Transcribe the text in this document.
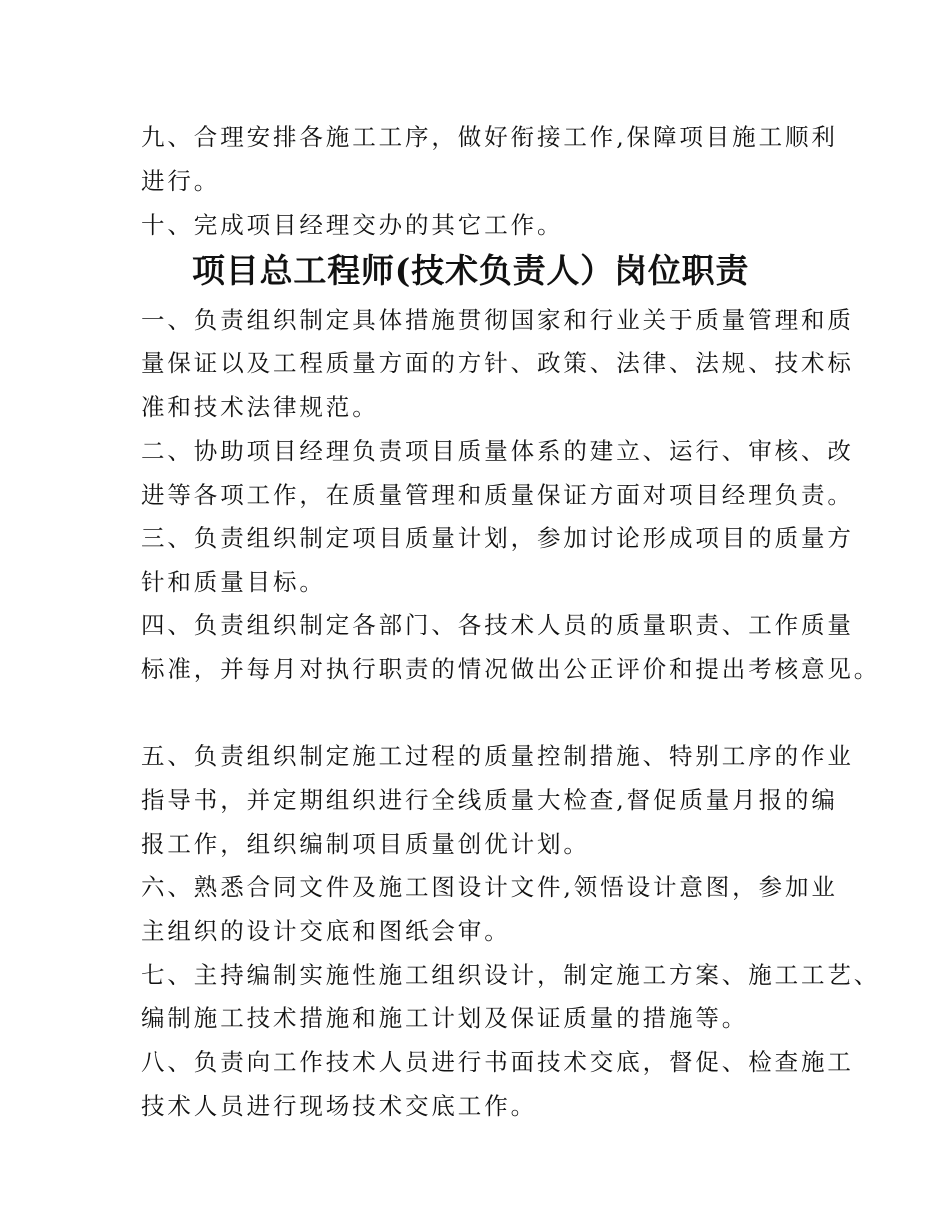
九、合理安排各施工工序，做好衔接工作,保障项目施工顺利
进行。
十、完成项目经理交办的其它工作。
项目总工程师(技术负责人）岗位职责
一、负责组织制定具体措施贯彻国家和行业关于质量管理和质
量保证以及工程质量方面的方针、政策、法律、法规、技术标
准和技术法律规范。
二、协助项目经理负责项目质量体系的建立、运行、审核、改
进等各项工作，在质量管理和质量保证方面对项目经理负责。
三、负责组织制定项目质量计划，参加讨论形成项目的质量方
针和质量目标。
四、负责组织制定各部门、各技术人员的质量职责、工作质量
标准，并每月对执行职责的情况做出公正评价和提出考核意见。
五、负责组织制定施工过程的质量控制措施、特别工序的作业
指导书，并定期组织进行全线质量大检查,督促质量月报的编
报工作，组织编制项目质量创优计划。
六、熟悉合同文件及施工图设计文件,领悟设计意图，参加业
主组织的设计交底和图纸会审。
七、主持编制实施性施工组织设计，制定施工方案、施工工艺、
编制施工技术措施和施工计划及保证质量的措施等。
八、负责向工作技术人员进行书面技术交底，督促、检查施工
技术人员进行现场技术交底工作。
